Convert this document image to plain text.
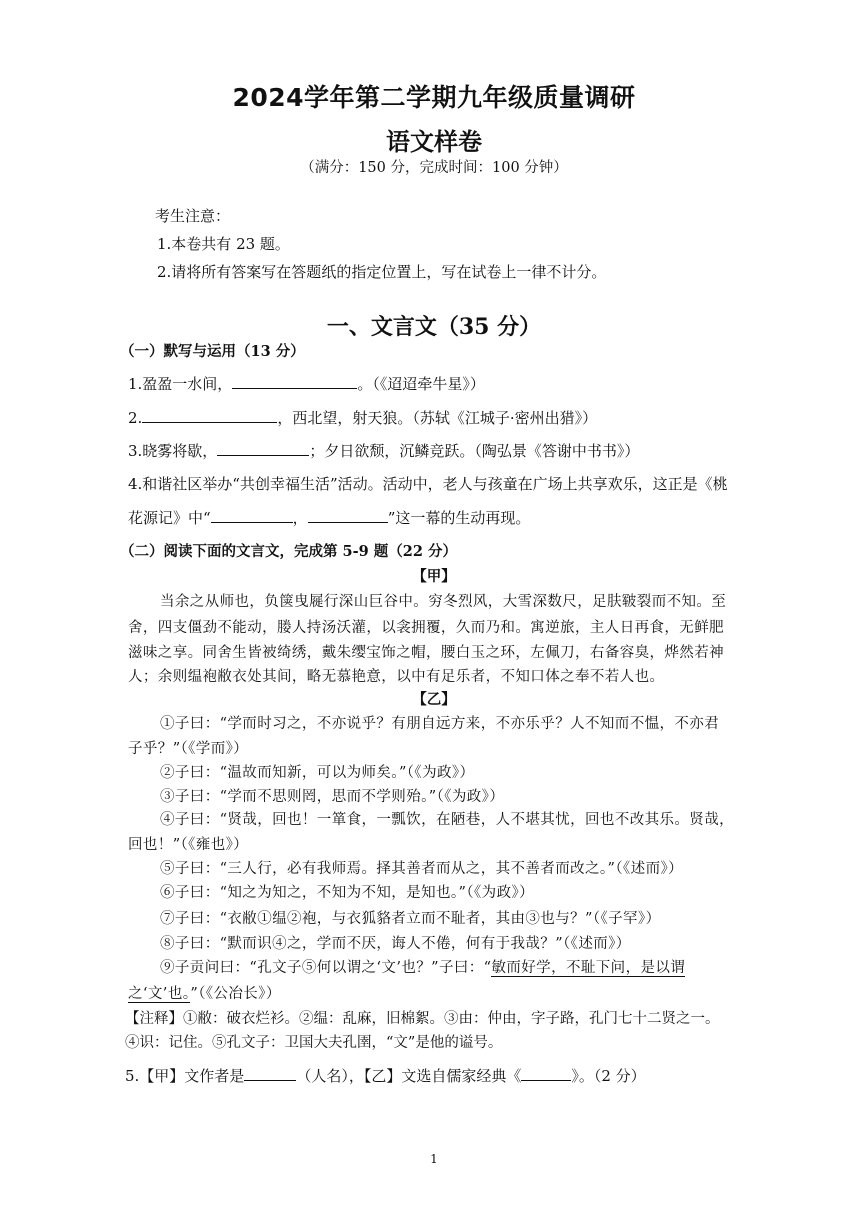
2024学年第二学期九年级质量调研
语文样卷
（满分：150 分，完成时间：100 分钟）
考生注意：
1.本卷共有 23 题。
2.请将所有答案写在答题纸的指定位置上，写在试卷上一律不计分。
一、文言文（35 分）
（一）默写与运用（13 分）
1.盈盈一水间，	。（《迢迢牵牛星》）
2.	，西北望，射天狼。（苏轼《江城子·密州出猎》）
3.晓雾将歇，	；夕日欲颓，沉鳞竞跃。（陶弘景《答谢中书书》）
4.和谐社区举办“共创幸福生活”活动。活动中，老人与孩童在广场上共享欢乐，这正是《桃
花源记》中“	，	”这一幕的生动再现。
（二）阅读下面的文言文，完成第 5-9 题（22 分）
【甲】
当余之从师也，负箧曳屣行深山巨谷中。穷冬烈风，大雪深数尺，足肤皲裂而不知。至
舍，四支僵劲不能动，媵人持汤沃灌，以衾拥覆，久而乃和。寓逆旅，主人日再食，无鲜肥
滋味之享。同舍生皆被绮绣，戴朱缨宝饰之帽，腰白玉之环，左佩刀，右备容臭，烨然若神
人；余则缊袍敝衣处其间，略无慕艳意，以中有足乐者，不知口体之奉不若人也。
【乙】
①子曰：“学而时习之，不亦说乎？有朋自远方来，不亦乐乎？人不知而不愠，不亦君
子乎？”（《学而》）
②子曰：“温故而知新，可以为师矣。”（《为政》）
③子曰：“学而不思则罔，思而不学则殆。”（《为政》）
④子曰：“贤哉，回也！一箪食，一瓢饮，在陋巷，人不堪其忧，回也不改其乐。贤哉，
回也！”（《雍也》）
⑤子曰：“三人行，必有我师焉。择其善者而从之，其不善者而改之。”（《述而》）
⑥子曰：“知之为知之，不知为不知，是知也。”（《为政》）
⑦子曰：“衣敝①缊②袍，与衣狐貉者立而不耻者，其由③也与？”（《子罕》）
⑧子曰：“默而识④之，学而不厌，诲人不倦，何有于我哉？”（《述而》）
⑨子贡问曰：“孔文子⑤何以谓之‘文’也？”子曰：“敏而好学，不耻下问，是以谓
之‘文’也。”（《公冶长》）
【注释】①敝：破衣烂衫。②缊：乱麻，旧棉絮。③由：仲由，字子路，孔门七十二贤之一。
④识：记住。⑤孔文子：卫国大夫孔圉，“文”是他的谥号。
5.【甲】文作者是	（人名），【乙】文选自儒家经典《	》。（2 分）
1
